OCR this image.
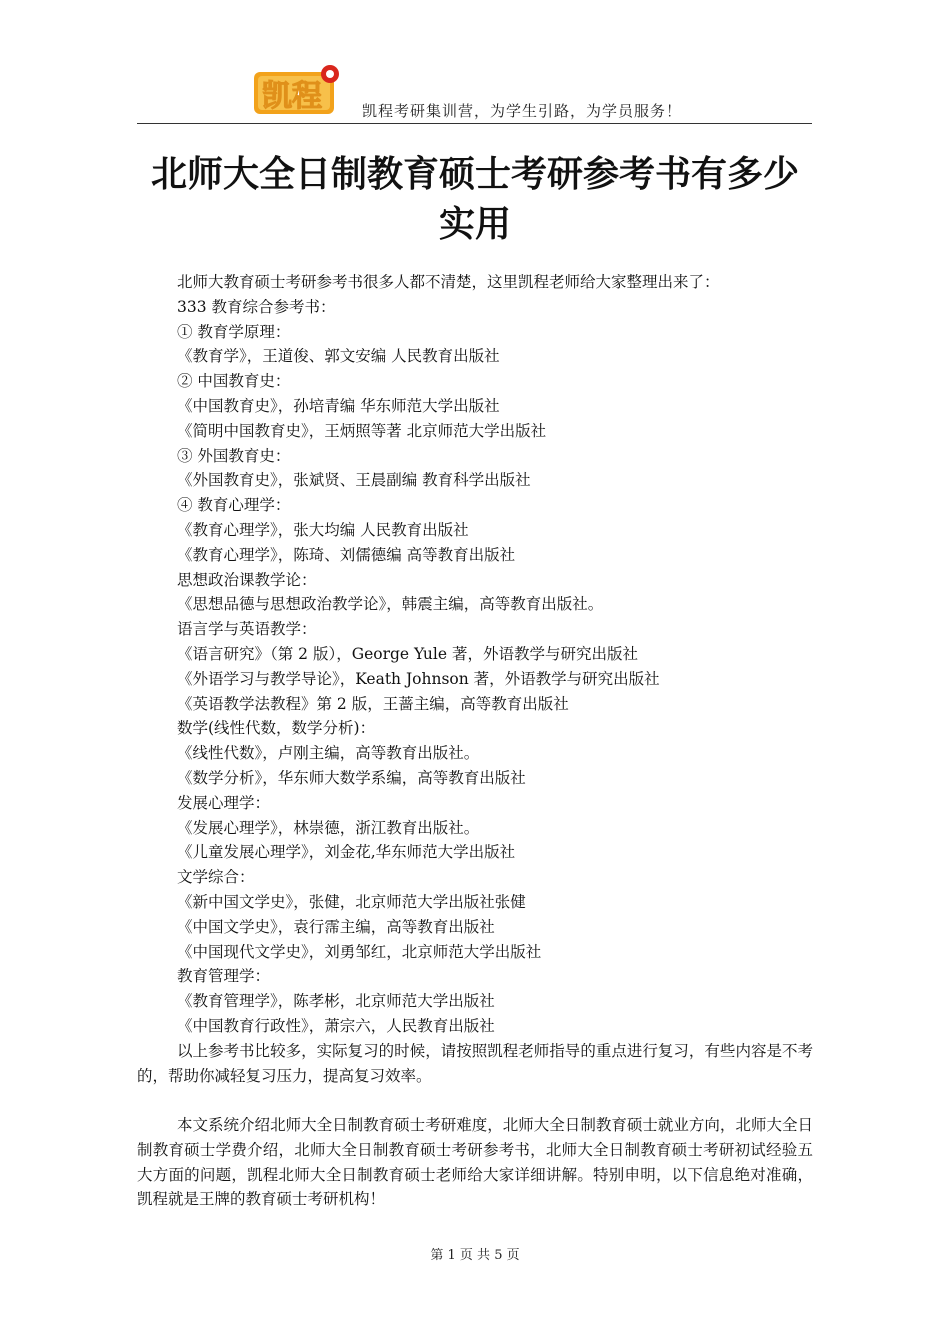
凯程	凯程考研集训营，为学生引路，为学员服务！
北师大全日制教育硕士考研参考书有多少实用

北师大教育硕士考研参考书很多人都不清楚，这里凯程老师给大家整理出来了：

333 教育综合参考书：

① 教育学原理：

《教育学》，王道俊、郭文安编 人民教育出版社

② 中国教育史：

《中国教育史》，孙培青编 华东师范大学出版社

《简明中国教育史》，王炳照等著 北京师范大学出版社

③ 外国教育史：

《外国教育史》，张斌贤、王晨副编 教育科学出版社

④ 教育心理学：

《教育心理学》，张大均编 人民教育出版社

《教育心理学》，陈琦、刘儒德编 高等教育出版社

思想政治课教学论：

《思想品德与思想政治教学论》，韩震主编，高等教育出版社。

语言学与英语教学：

《语言研究》（第 2 版），George Yule 著，外语教学与研究出版社

《外语学习与教学导论》，Keath Johnson 著，外语教学与研究出版社

《英语教学法教程》第 2 版，王蔷主编，高等教育出版社

数学(线性代数，数学分析)：

《线性代数》，卢刚主编，高等教育出版社。

《数学分析》，华东师大数学系编，高等教育出版社

发展心理学：

《发展心理学》，林崇德，浙江教育出版社。

《儿童发展心理学》，刘金花,华东师范大学出版社

文学综合：

《新中国文学史》，张健，北京师范大学出版社张健

《中国文学史》，袁行霈主编，高等教育出版社

《中国现代文学史》，刘勇邹红，北京师范大学出版社

教育管理学：

《教育管理学》，陈孝彬，北京师范大学出版社

《中国教育行政性》，萧宗六，人民教育出版社

以上参考书比较多，实际复习的时候，请按照凯程老师指导的重点进行复习，有些内容是不考的，帮助你减轻复习压力，提高复习效率。

本文系统介绍北师大全日制教育硕士考研难度，北师大全日制教育硕士就业方向，北师大全日制教育硕士学费介绍，北师大全日制教育硕士考研参考书，北师大全日制教育硕士考研初试经验五大方面的问题，凯程北师大全日制教育硕士老师给大家详细讲解。特别申明，以下信息绝对准确，凯程就是王牌的教育硕士考研机构！

第 1 页 共 5 页
